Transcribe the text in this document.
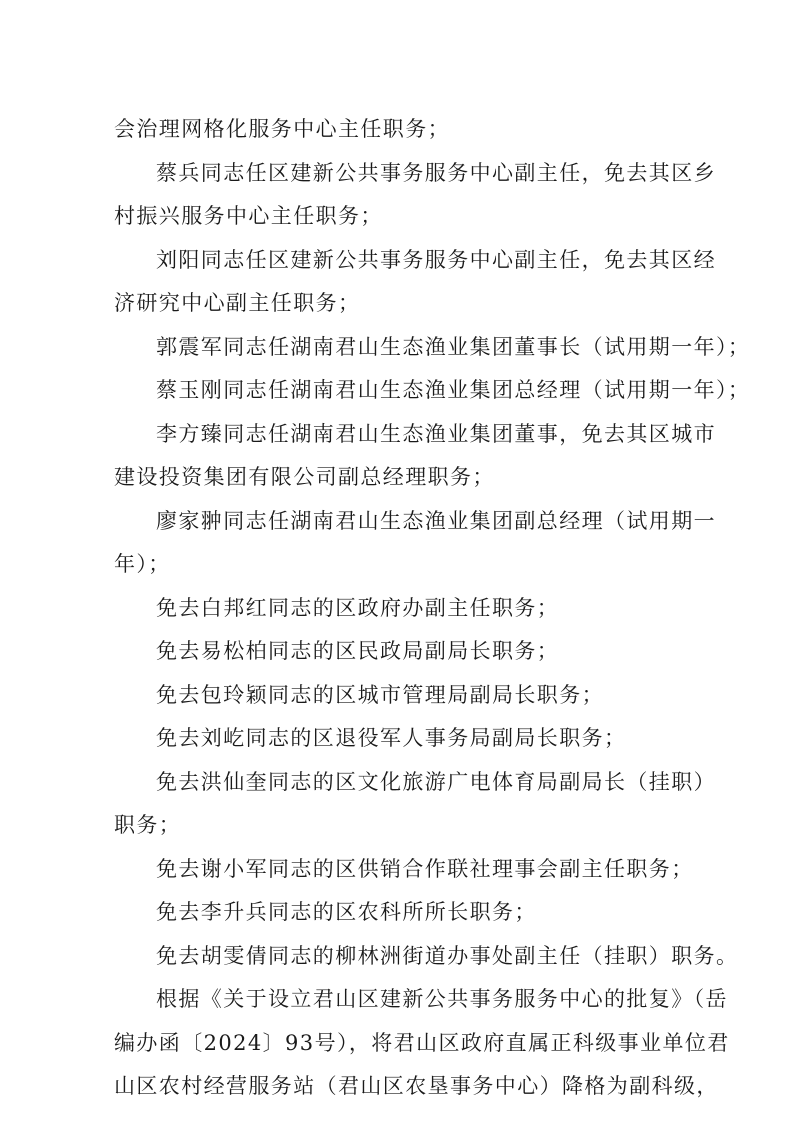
会治理网格化服务中心主任职务；
蔡兵同志任区建新公共事务服务中心副主任，免去其区乡
村振兴服务中心主任职务；
刘阳同志任区建新公共事务服务中心副主任，免去其区经
济研究中心副主任职务；
郭震军同志任湖南君山生态渔业集团董事长（试用期一年）；
蔡玉刚同志任湖南君山生态渔业集团总经理（试用期一年）；
李方臻同志任湖南君山生态渔业集团董事，免去其区城市
建设投资集团有限公司副总经理职务；
廖家翀同志任湖南君山生态渔业集团副总经理（试用期一
年）；
免去白邦红同志的区政府办副主任职务；
免去易松柏同志的区民政局副局长职务；
免去包玲颖同志的区城市管理局副局长职务；
免去刘屹同志的区退役军人事务局副局长职务；
免去洪仙奎同志的区文化旅游广电体育局副局长（挂职）
职务；
免去谢小军同志的区供销合作联社理事会副主任职务；
免去李升兵同志的区农科所所长职务；
免去胡雯倩同志的柳林洲街道办事处副主任（挂职）职务。
根据《关于设立君山区建新公共事务服务中心的批复》（岳
编办函〔2024〕93号），将君山区政府直属正科级事业单位君
山区农村经营服务站（君山区农垦事务中心）降格为副科级，
